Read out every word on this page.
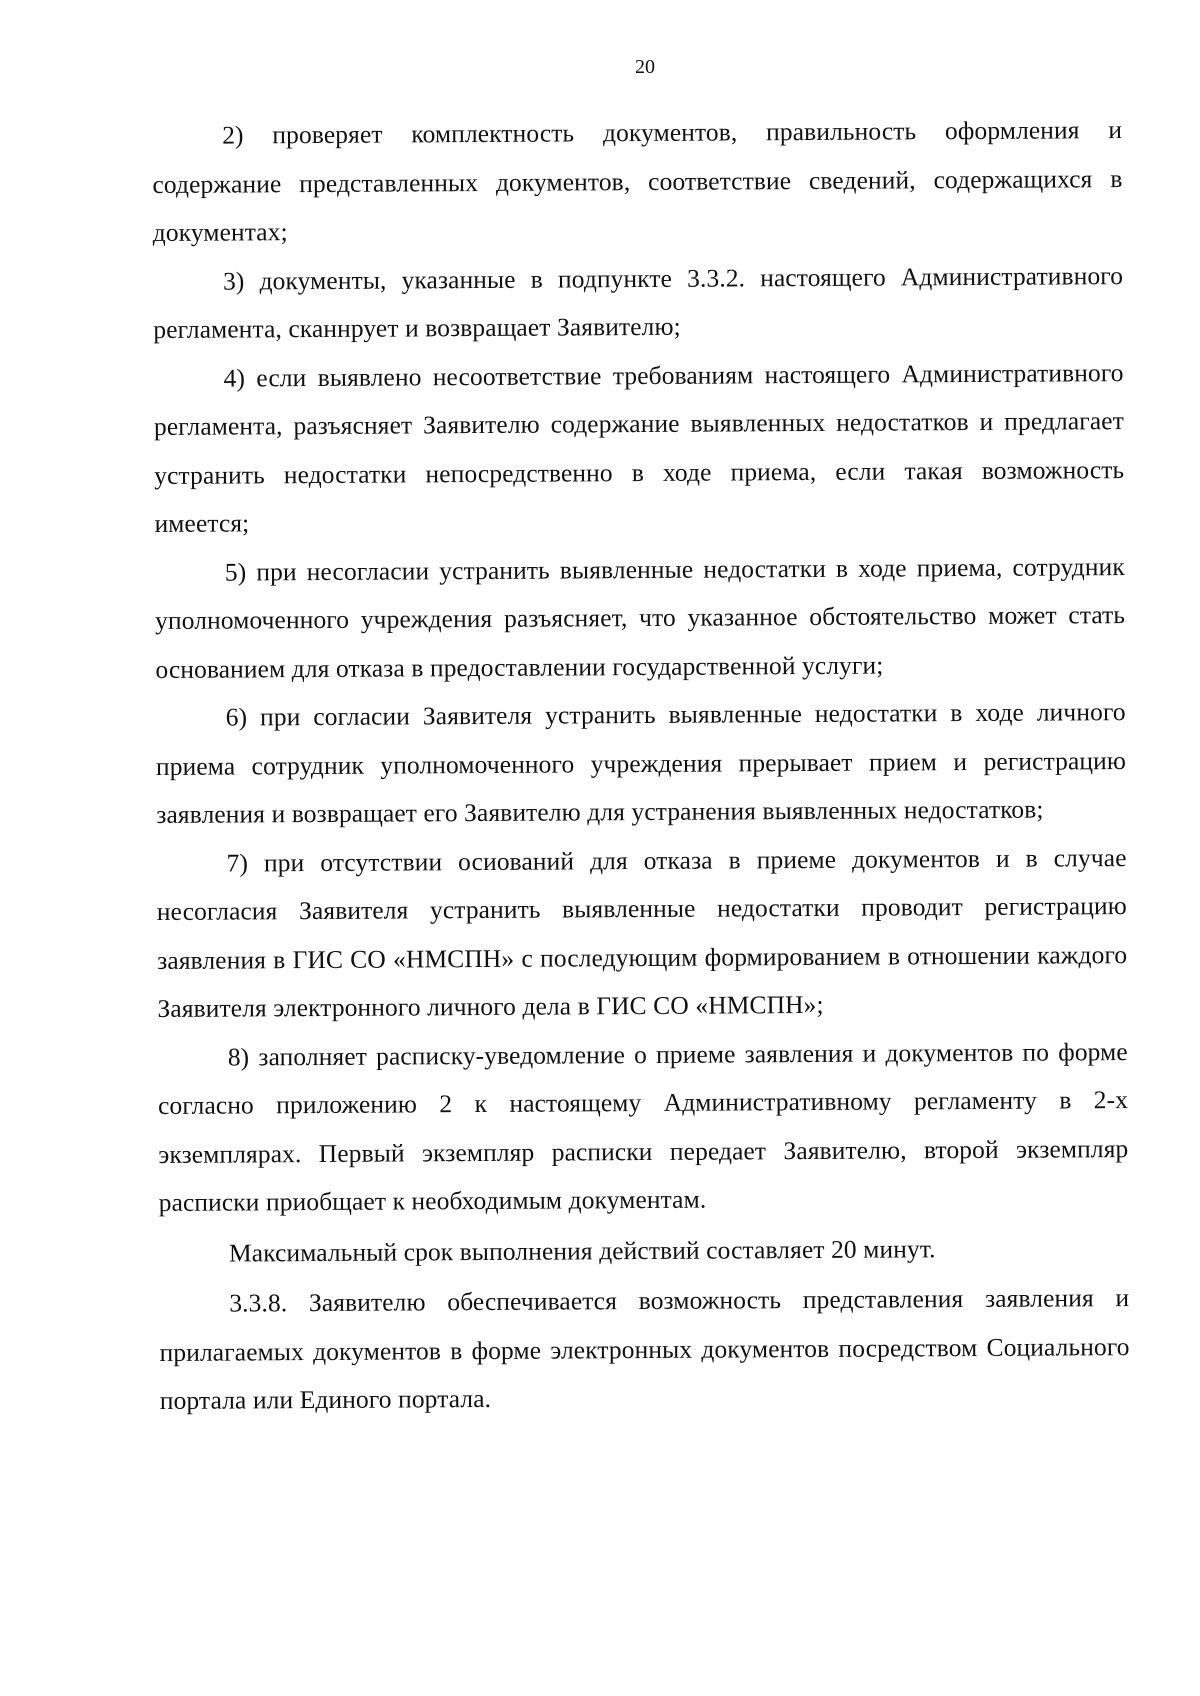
20

2) проверяет комплектность документов, правильность оформления и содержание представленных документов, соответствие сведений, содержащихся в документах;

3) документы, указанные в подпункте 3.3.2. настоящего Административного регламента, сканнрует и возвращает Заявителю;

4) если выявлено несоответствие требованиям настоящего Административного регламента, разъясняет Заявителю содержание выявленных недостатков и предлагает устранить недостатки непосредственно в ходе приема, если такая возможность имеется;

5) при несогласии устранить выявленные недостатки в ходе приема, сотрудник уполномоченного учреждения разъясняет, что указанное обстоятельство может стать основанием для отказа в предоставлении государственной услуги;

6) при согласии Заявителя устранить выявленные недостатки в ходе личного приема сотрудник уполномоченного учреждения прерывает прием и регистрацию заявления и возвращает его Заявителю для устранения выявленных недостатков;

7) при отсутствии осиований для отказа в приеме документов и в случае несогласия Заявителя устранить выявленные недостатки проводит регистрацию заявления в ГИС СО «НМСПН» с последующим формированием в отношении каждого Заявителя электронного личного дела в ГИС СО «НМСПН»;

8) заполняет расписку-уведомление о приеме заявления и документов по форме согласно приложению 2 к настоящему Административному регламенту в 2-х экземплярах. Первый экземпляр расписки передает Заявителю, второй экземпляр расписки приобщает к необходимым документам.

Максимальный срок выполнения действий составляет 20 минут.

3.3.8. Заявителю обеспечивается возможность представления заявления и прилагаемых документов в форме электронных документов посредством Социального портала или Единого портала.
